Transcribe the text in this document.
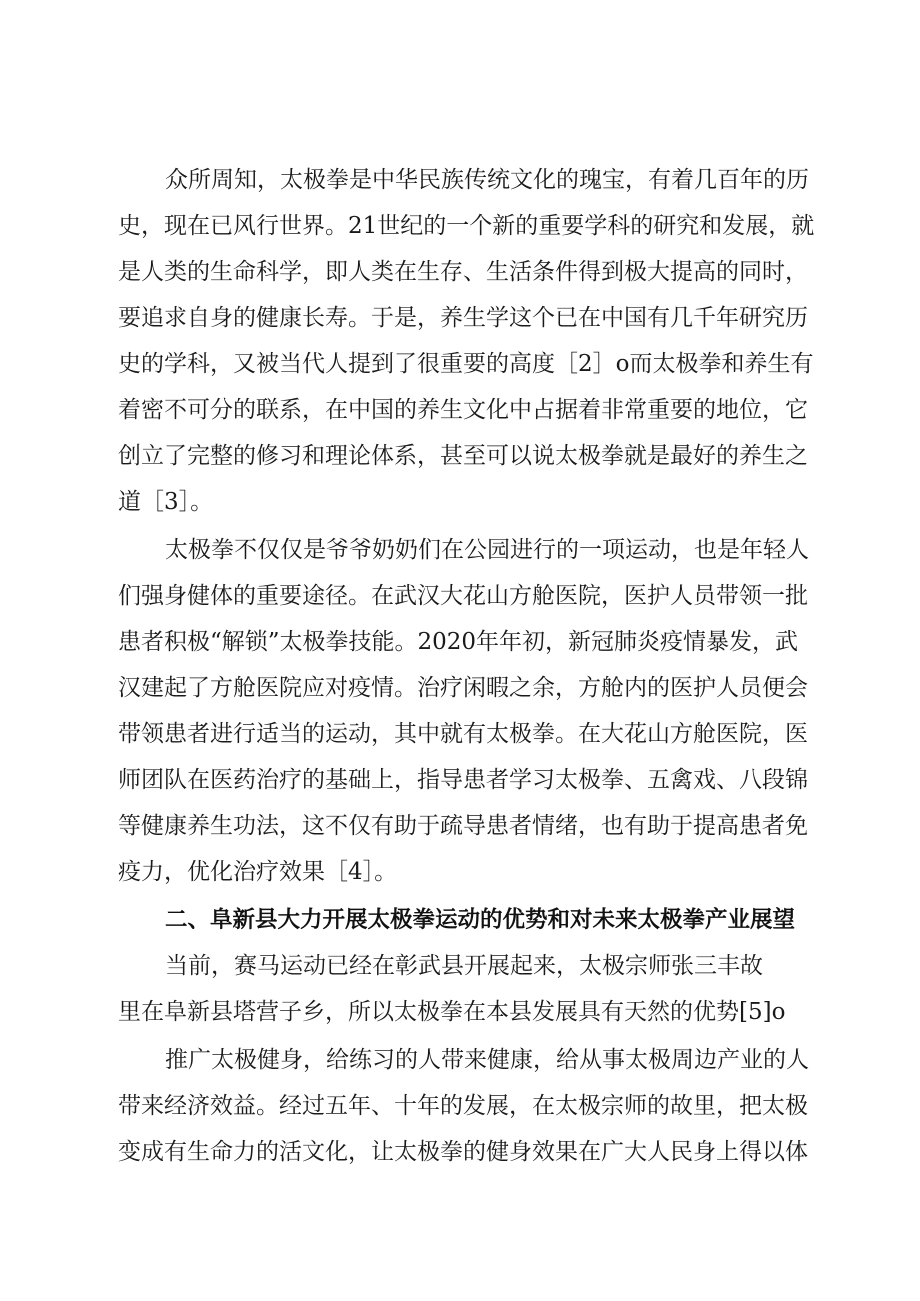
众所周知，太极拳是中华民族传统文化的瑰宝，有着几百年的历
史，现在已风行世界。21世纪的一个新的重要学科的研究和发展，就
是人类的生命科学，即人类在生存、生活条件得到极大提高的同时，
要追求自身的健康长寿。于是，养生学这个已在中国有几千年研究历
史的学科，又被当代人提到了很重要的高度［2］o而太极拳和养生有
着密不可分的联系，在中国的养生文化中占据着非常重要的地位，它
创立了完整的修习和理论体系，甚至可以说太极拳就是最好的养生之
道［3］。
太极拳不仅仅是爷爷奶奶们在公园进行的一项运动，也是年轻人
们强身健体的重要途径。在武汉大花山方舱医院，医护人员带领一批
患者积极“解锁”太极拳技能。2020年年初，新冠肺炎疫情暴发，武
汉建起了方舱医院应对疫情。治疗闲暇之余，方舱内的医护人员便会
带领患者进行适当的运动，其中就有太极拳。在大花山方舱医院，医
师团队在医药治疗的基础上，指导患者学习太极拳、五禽戏、八段锦
等健康养生功法，这不仅有助于疏导患者情绪，也有助于提高患者免
疫力，优化治疗效果［4］。
二、阜新县大力开展太极拳运动的优势和对未来太极拳产业展望
当前，赛马运动已经在彰武县开展起来，太极宗师张三丰故
里在阜新县塔营子乡，所以太极拳在本县发展具有天然的优势[5]o
推广太极健身，给练习的人带来健康，给从事太极周边产业的人
带来经济效益。经过五年、十年的发展，在太极宗师的故里，把太极
变成有生命力的活文化，让太极拳的健身效果在广大人民身上得以体
